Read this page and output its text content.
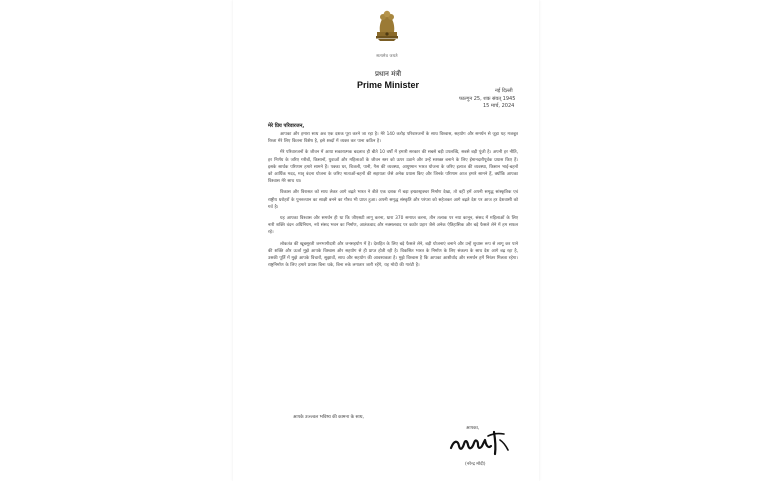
सत्यमेव जयते
प्रधान मंत्री
Prime Minister
नई दिल्ली
फाल्गुन 25, शक संवत् 1945
15 मार्च, 2024
मेरे प्रिय परिवारजन,

आपका और हमारा साथ अब एक दशक पूरा करने जा रहा है। मेरे 140 करोड़ परिवारजनों के साथ विश्वास, सहयोग और समर्थन से जुड़ा यह मजबूत रिश्ता मेरे लिए कितना विशेष है, इसे शब्दों में व्यक्त कर पाना कठिन है।

मेरे परिवारजनों के जीवन में आया सकारात्मक बदलाव ही बीते 10 वर्षों में हमारी सरकार की सबसे बड़ी उपलब्धि, सबसे बड़ी पूंजी है। अपनी हर नीति, हर निर्णय के जरिए गरीबों, किसानों, युवाओं और महिलाओं के जीवन स्तर को ऊपर उठाने और उन्हें सशक्त बनाने के लिए ईमानदारीपूर्वक प्रयास किए हैं। इसके सार्थक परिणाम हमारे सामने हैं। पक्का घर, बिजली, पानी, गैस की व्यवस्था, आयुष्मान भारत योजना के जरिए इलाज की व्यवस्था, किसान भाई-बहनों को आर्थिक मदद, मातृ वंदना योजना के जरिए माताओं-बहनों की सहायता जैसे अनेक प्रयास किए और जिनके परिणाम आज हमारे सामने हैं, क्योंकि आपका विश्वास मेरे साथ था।

विकास और विरासत को साथ लेकर आगे बढ़ते भारत ने बीते एक दशक में बड़ा इन्फ्रास्ट्रक्चर निर्माण देखा, तो वहीं हमें अपनी समृद्ध सांस्कृतिक एवं राष्ट्रीय धरोहरों के पुनरुत्थान का साक्षी बनने का गौरव भी प्राप्त हुआ। अपनी समृद्ध संस्कृति और परंपरा को सहेजकर आगे बढ़ते देश पर आज हर देशवासी को गर्व है।

यह आपका विश्वास और समर्थन ही था कि जीएसटी लागू करना, धारा 370 समाप्त करना, तीन तलाक पर नया कानून, संसद में महिलाओं के लिए नारी शक्ति वंदन अधिनियम, नये संसद भवन का निर्माण, आतंकवाद और नक्सलवाद पर कठोर प्रहार जैसे अनेक ऐतिहासिक और बड़े फैसले लेने में हम सफल रहे।

लोकतंत्र की खूबसूरती जनभागीदारी और जनसहयोग में है। देशहित के लिए बड़े फैसले लेने, बड़ी योजनाएं बनाने और उन्हें शुचारू रूप से लागू कर पाने की शक्ति और ऊर्जा मुझे आपके विश्वास और सहयोग से ही प्राप्त होती रही है। विकसित भारत के निर्माण के लिए संकल्प के साथ देश आगे बढ़ रहा है, उसकी पूर्ति में मुझे आपके विचारों, सुझावों, साथ और सहयोग की आवश्यकता है। मुझे विश्वास है कि आपका आशीर्वाद और समर्थन हमें निरंतर मिलता रहेगा। राष्ट्रनिर्माण के लिए हमारे प्रयास बिना थके, बिना रुके लगातार जारी रहेंगे, यह मोदी की गारंटी है।

आपके उज्ज्वल भविष्य की कामना के साथ,
आपका,
(नरेन्द्र मोदी)
